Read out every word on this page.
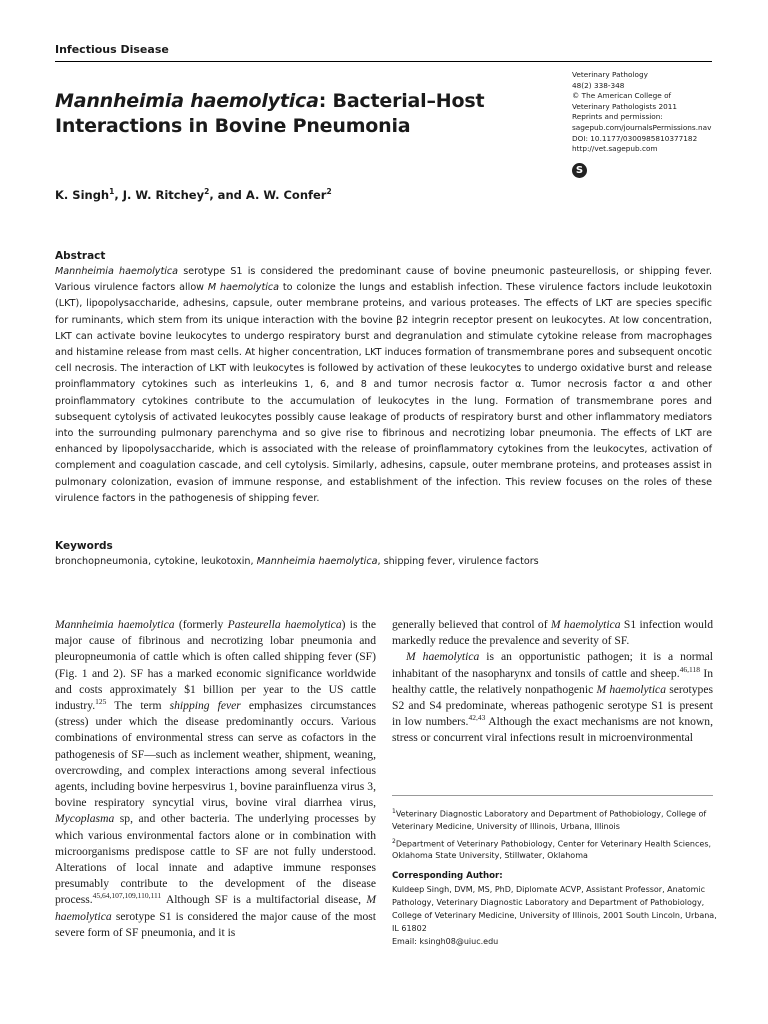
Infectious Disease
Mannheimia haemolytica: Bacterial–Host Interactions in Bovine Pneumonia
Veterinary Pathology
48(2) 338-348
© The American College of
Veterinary Pathologists 2011
Reprints and permission:
sagepub.com/journalsPermissions.nav
DOI: 10.1177/0300985810377182
http://vet.sagepub.com
S
K. Singh$^1$, J. W. Ritchey$^2$, and A. W. Confer$^2$
Abstract

Mannheimia haemolytica serotype S1 is considered the predominant cause of bovine pneumonic pasteurellosis, or shipping fever. Various virulence factors allow M haemolytica to colonize the lungs and establish infection. These virulence factors include leukotoxin (LKT), lipopolysaccharide, adhesins, capsule, outer membrane proteins, and various proteases. The effects of LKT are species specific for ruminants, which stem from its unique interaction with the bovine β2 integrin receptor present on leukocytes. At low concentration, LKT can activate bovine leukocytes to undergo respiratory burst and degranulation and stimulate cytokine release from macrophages and histamine release from mast cells. At higher concentration, LKT induces formation of transmembrane pores and subsequent oncotic cell necrosis. The interaction of LKT with leukocytes is followed by activation of these leukocytes to undergo oxidative burst and release proinflammatory cytokines such as interleukins 1, 6, and 8 and tumor necrosis factor α. Tumor necrosis factor α and other proinflammatory cytokines contribute to the accumulation of leukocytes in the lung. Formation of transmembrane pores and subsequent cytolysis of activated leukocytes possibly cause leakage of products of respiratory burst and other inflammatory mediators into the surrounding pulmonary parenchyma and so give rise to fibrinous and necrotizing lobar pneumonia. The effects of LKT are enhanced by lipopolysaccharide, which is associated with the release of proinflammatory cytokines from the leukocytes, activation of complement and coagulation cascade, and cell cytolysis. Similarly, adhesins, capsule, outer membrane proteins, and proteases assist in pulmonary colonization, evasion of immune response, and establishment of the infection. This review focuses on the roles of these virulence factors in the pathogenesis of shipping fever.

Keywords

bronchopneumonia, cytokine, leukotoxin, Mannheimia haemolytica, shipping fever, virulence factors

Mannheimia haemolytica (formerly Pasteurella haemolytica) is the major cause of fibrinous and necrotizing lobar pneumonia and pleuropneumonia of cattle which is often called shipping fever (SF) (Fig. 1 and 2). SF has a marked economic significance worldwide and costs approximately $1 billion per year to the US cattle industry.$^{125}$ The term shipping fever emphasizes circumstances (stress) under which the disease predominantly occurs. Various combinations of environmental stress can serve as cofactors in the pathogenesis of SF—such as inclement weather, shipment, weaning, overcrowding, and complex interactions among several infectious agents, including bovine herpesvirus 1, bovine parainfluenza virus 3, bovine respiratory syncytial virus, bovine viral diarrhea virus, Mycoplasma sp, and other bacteria. The underlying processes by which various environmental factors alone or in combination with microorganisms predispose cattle to SF are not fully understood. Alterations of local innate and adaptive immune responses presumably contribute to the development of the disease process.$^{45,64,107,109,110,111}$ Although SF is a multifactorial disease, M haemolytica serotype S1 is considered the major cause of the most severe form of SF pneumonia, and it is

generally believed that control of M haemolytica S1 infection would markedly reduce the prevalence and severity of SF.

M haemolytica is an opportunistic pathogen; it is a normal inhabitant of the nasopharynx and tonsils of cattle and sheep.$^{46,118}$ In healthy cattle, the relatively nonpathogenic M haemolytica serotypes S2 and S4 predominate, whereas pathogenic serotype S1 is present in low numbers.$^{42,43}$ Although the exact mechanisms are not known, stress or concurrent viral infections result in microenvironmental

$^1$Veterinary Diagnostic Laboratory and Department of Pathobiology, College of Veterinary Medicine, University of Illinois, Urbana, Illinois

$^2$Department of Veterinary Pathobiology, Center for Veterinary Health Sciences, Oklahoma State University, Stillwater, Oklahoma

Corresponding Author:

Kuldeep Singh, DVM, MS, PhD, Diplomate ACVP, Assistant Professor, Anatomic Pathology, Veterinary Diagnostic Laboratory and Department of Pathobiology, College of Veterinary Medicine, University of Illinois, 2001 South Lincoln, Urbana, IL 61802
Email: ksingh08@uiuc.edu
